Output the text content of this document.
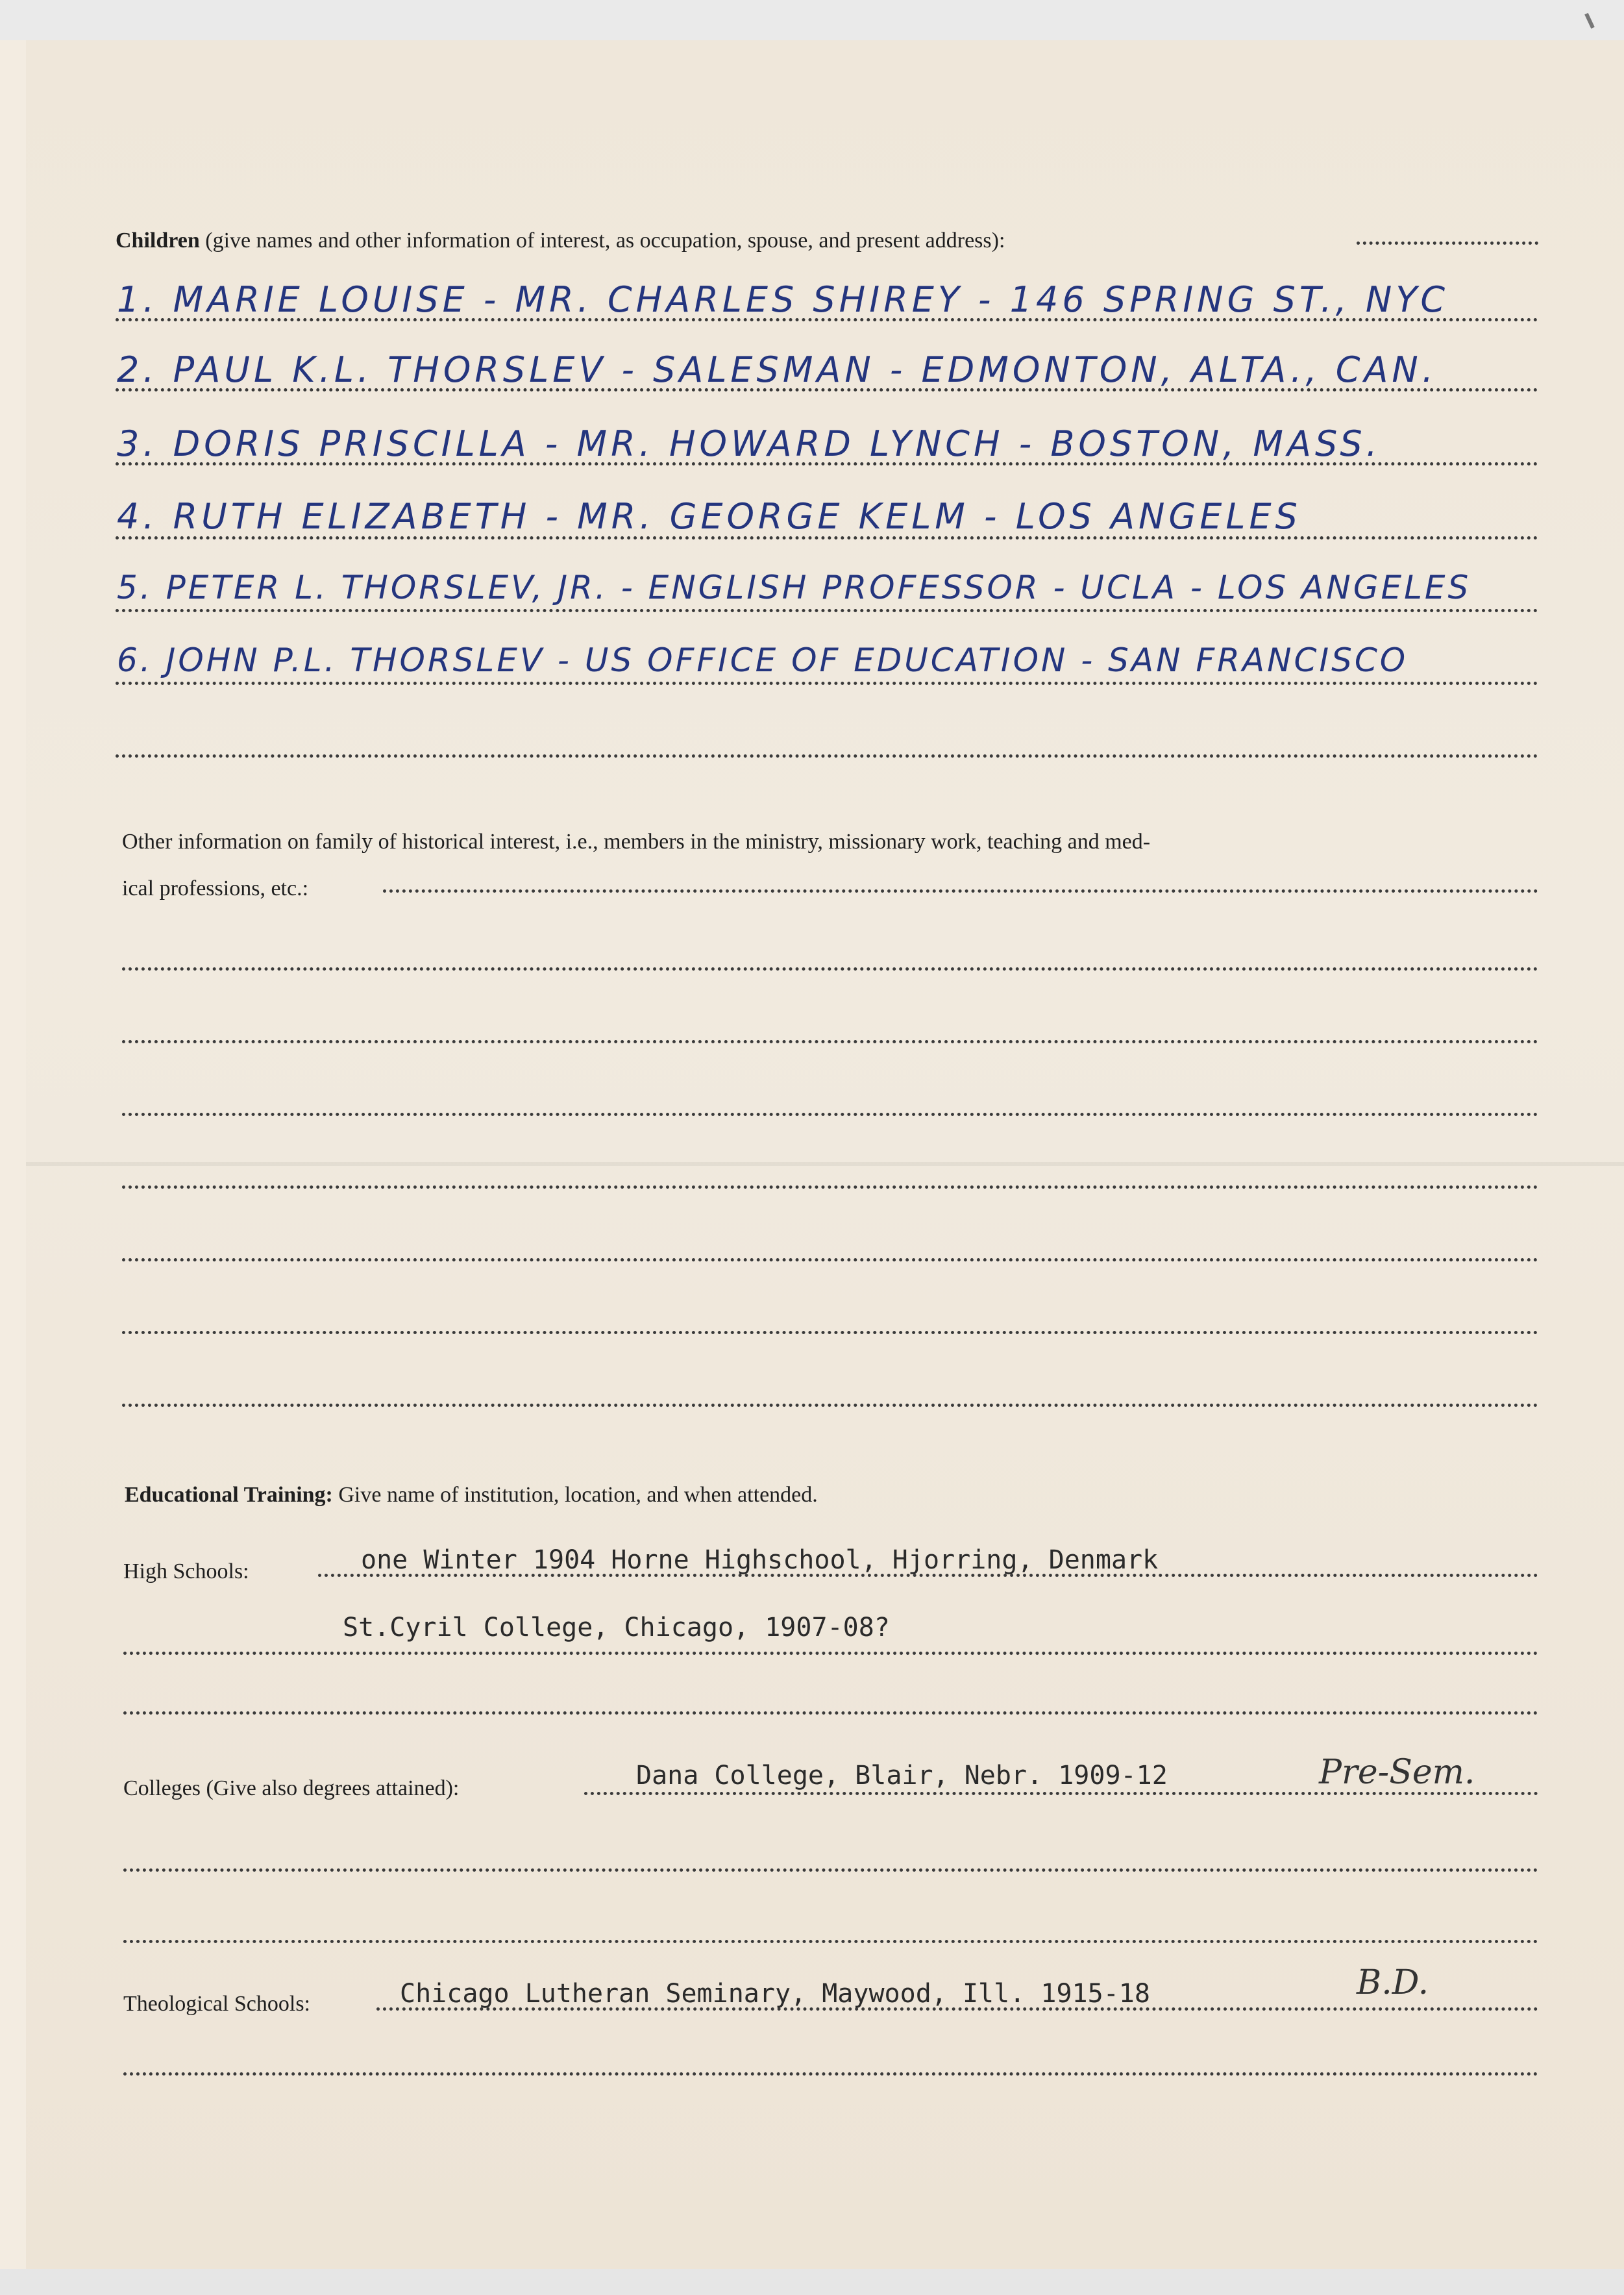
Children (give names and other information of interest, as occupation, spouse, and present address):
1. MARIE LOUISE - MR. CHARLES SHIREY - 146 SPRING ST., NYC
2. PAUL K.L. THORSLEV - SALESMAN - EDMONTON, ALTA., CAN.
3. DORIS PRISCILLA - MR. HOWARD LYNCH - BOSTON, MASS.
4. RUTH ELIZABETH - MR. GEORGE KELM - LOS ANGELES
5. PETER L. THORSLEV, JR. - ENGLISH PROFESSOR - UCLA - LOS ANGELES
6. JOHN P.L. THORSLEV - US OFFICE OF EDUCATION - SAN FRANCISCO
Other information on family of historical interest, i.e., members in the ministry, missionary work, teaching and med-
ical professions, etc.:
Educational Training: Give name of institution, location, and when attended.
High Schools:	one Winter 1904 Horne Highschool, Hjorring, Denmark
St.Cyril College, Chicago, 1907-08?
Colleges (Give also degrees attained):	Dana College, Blair, Nebr. 1909-12	Pre-Sem.
Theological Schools:	Chicago Lutheran Seminary, Maywood, Ill. 1915-18	B.D.
